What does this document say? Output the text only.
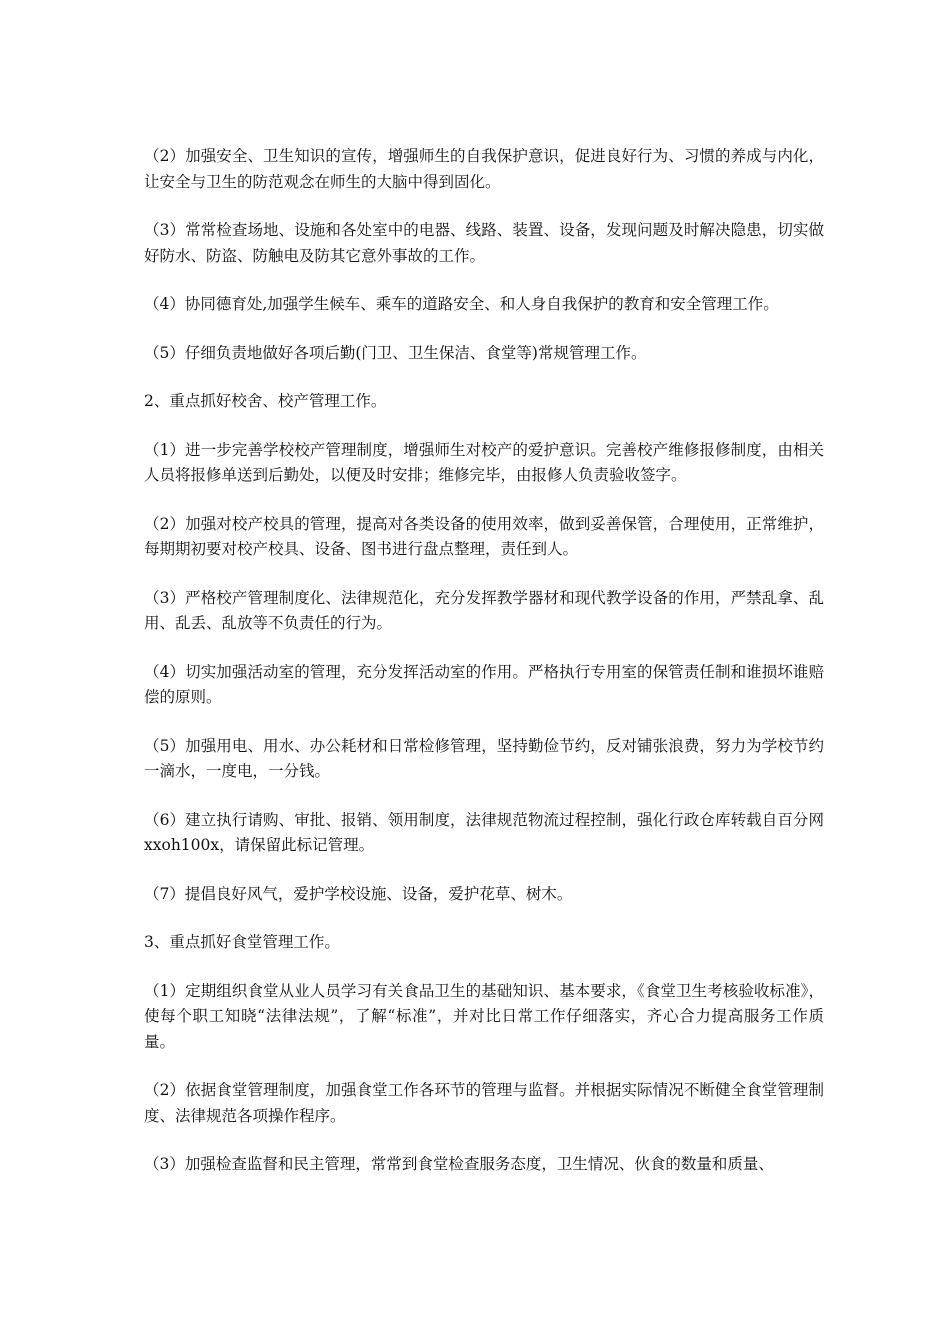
（2）加强安全、卫生知识的宣传，增强师生的自我保护意识，促进良好行为、习惯的养成与内化，让安全与卫生的防范观念在师生的大脑中得到固化。

（3）常常检查场地、设施和各处室中的电器、线路、装置、设备，发现问题及时解决隐患，切实做好防水、防盗、防触电及防其它意外事故的工作。

（4）协同德育处,加强学生候车、乘车的道路安全、和人身自我保护的教育和安全管理工作。

（5）仔细负责地做好各项后勤(门卫、卫生保洁、食堂等)常规管理工作。

2、重点抓好校舍、校产管理工作。

（1）进一步完善学校校产管理制度，增强师生对校产的爱护意识。完善校产维修报修制度，由相关人员将报修单送到后勤处，以便及时安排；维修完毕，由报修人负责验收签字。

（2）加强对校产校具的管理，提高对各类设备的使用效率，做到妥善保管，合理使用，正常维护，每期期初要对校产校具、设备、图书进行盘点整理，责任到人。

（3）严格校产管理制度化、法律规范化，充分发挥教学器材和现代教学设备的作用，严禁乱拿、乱用、乱丢、乱放等不负责任的行为。

（4）切实加强活动室的管理，充分发挥活动室的作用。严格执行专用室的保管责任制和谁损坏谁赔偿的原则。

（5）加强用电、用水、办公耗材和日常检修管理，坚持勤俭节约，反对铺张浪费，努力为学校节约一滴水，一度电，一分钱。

（6）建立执行请购、审批、报销、领用制度，法律规范物流过程控制，强化行政仓库转载自百分网 xxoh100x，请保留此标记管理。

（7）提倡良好风气，爱护学校设施、设备，爱护花草、树木。

3、重点抓好食堂管理工作。

（1）定期组织食堂从业人员学习有关食品卫生的基础知识、基本要求，《食堂卫生考核验收标准》，使每个职工知晓“法律法规”，了解“标准”，并对比日常工作仔细落实，齐心合力提高服务工作质量。

（2）依据食堂管理制度，加强食堂工作各环节的管理与监督。并根据实际情况不断健全食堂管理制度、法律规范各项操作程序。

（3）加强检查监督和民主管理，常常到食堂检查服务态度，卫生情况、伙食的数量和质量、
